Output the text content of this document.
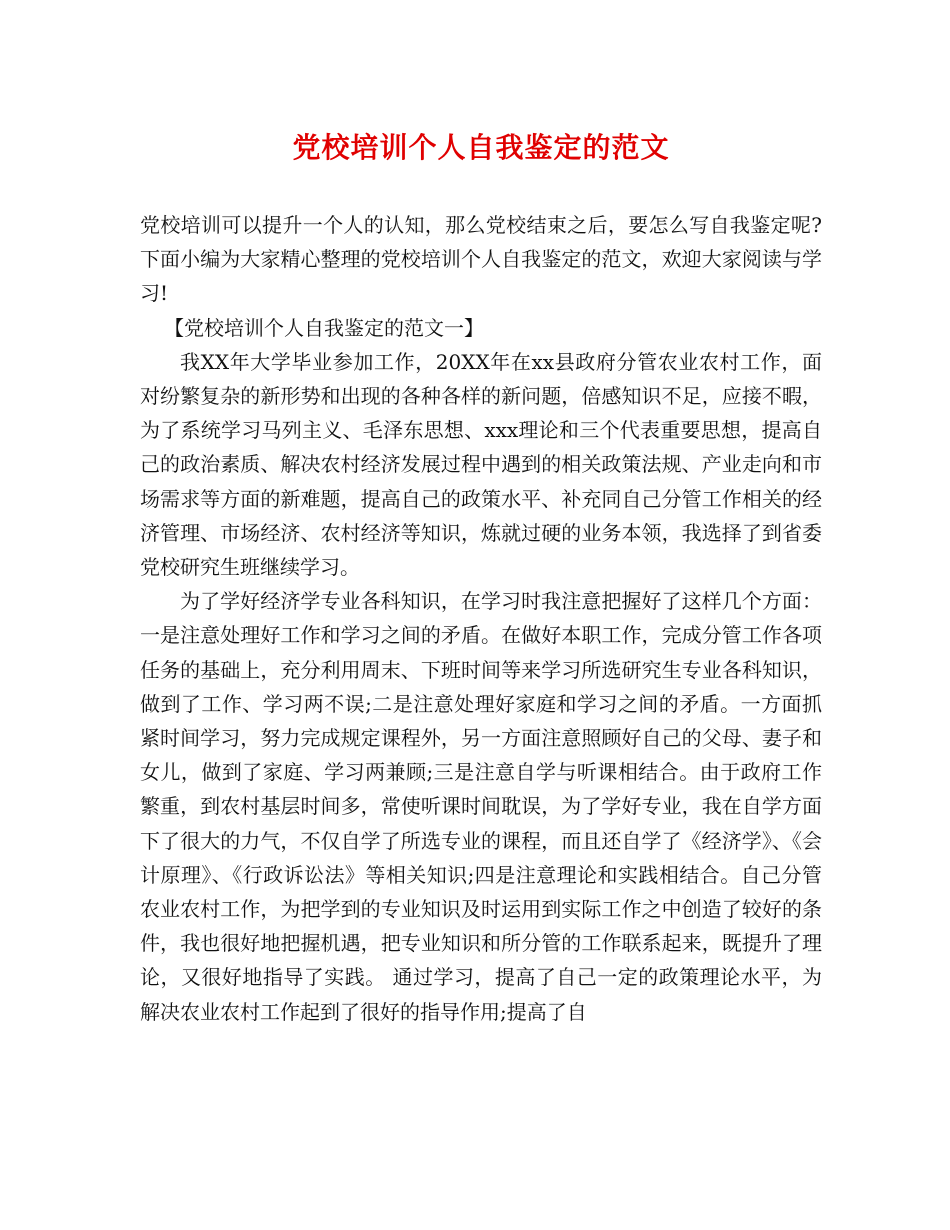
党校培训个人自我鉴定的范文

党校培训可以提升一个人的认知，那么党校结束之后，要怎么写自我鉴定呢?下面小编为大家精心整理的党校培训个人自我鉴定的范文，欢迎大家阅读与学习!

【党校培训个人自我鉴定的范文一】

我XX年大学毕业参加工作，20XX年在xx县政府分管农业农村工作，面对纷繁复杂的新形势和出现的各种各样的新问题，倍感知识不足，应接不暇，为了系统学习马列主义、毛泽东思想、xxx理论和三个代表重要思想，提高自己的政治素质、解决农村经济发展过程中遇到的相关政策法规、产业走向和市场需求等方面的新难题，提高自己的政策水平、补充同自己分管工作相关的经济管理、市场经济、农村经济等知识，炼就过硬的业务本领，我选择了到省委党校研究生班继续学习。

为了学好经济学专业各科知识，在学习时我注意把握好了这样几个方面：一是注意处理好工作和学习之间的矛盾。在做好本职工作，完成分管工作各项任务的基础上，充分利用周末、下班时间等来学习所选研究生专业各科知识，做到了工作、学习两不误;二是注意处理好家庭和学习之间的矛盾。一方面抓紧时间学习，努力完成规定课程外，另一方面注意照顾好自己的父母、妻子和女儿，做到了家庭、学习两兼顾;三是注意自学与听课相结合。由于政府工作繁重，到农村基层时间多，常使听课时间耽误，为了学好专业，我在自学方面下了很大的力气，不仅自学了所选专业的课程，而且还自学了《经济学》、《会计原理》、《行政诉讼法》等相关知识;四是注意理论和实践相结合。自己分管农业农村工作，为把学到的专业知识及时运用到实际工作之中创造了较好的条件，我也很好地把握机遇，把专业知识和所分管的工作联系起来，既提升了理论，又很好地指导了实践。 通过学习，提高了自己一定的政策理论水平，为解决农业农村工作起到了很好的指导作用;提高了自
